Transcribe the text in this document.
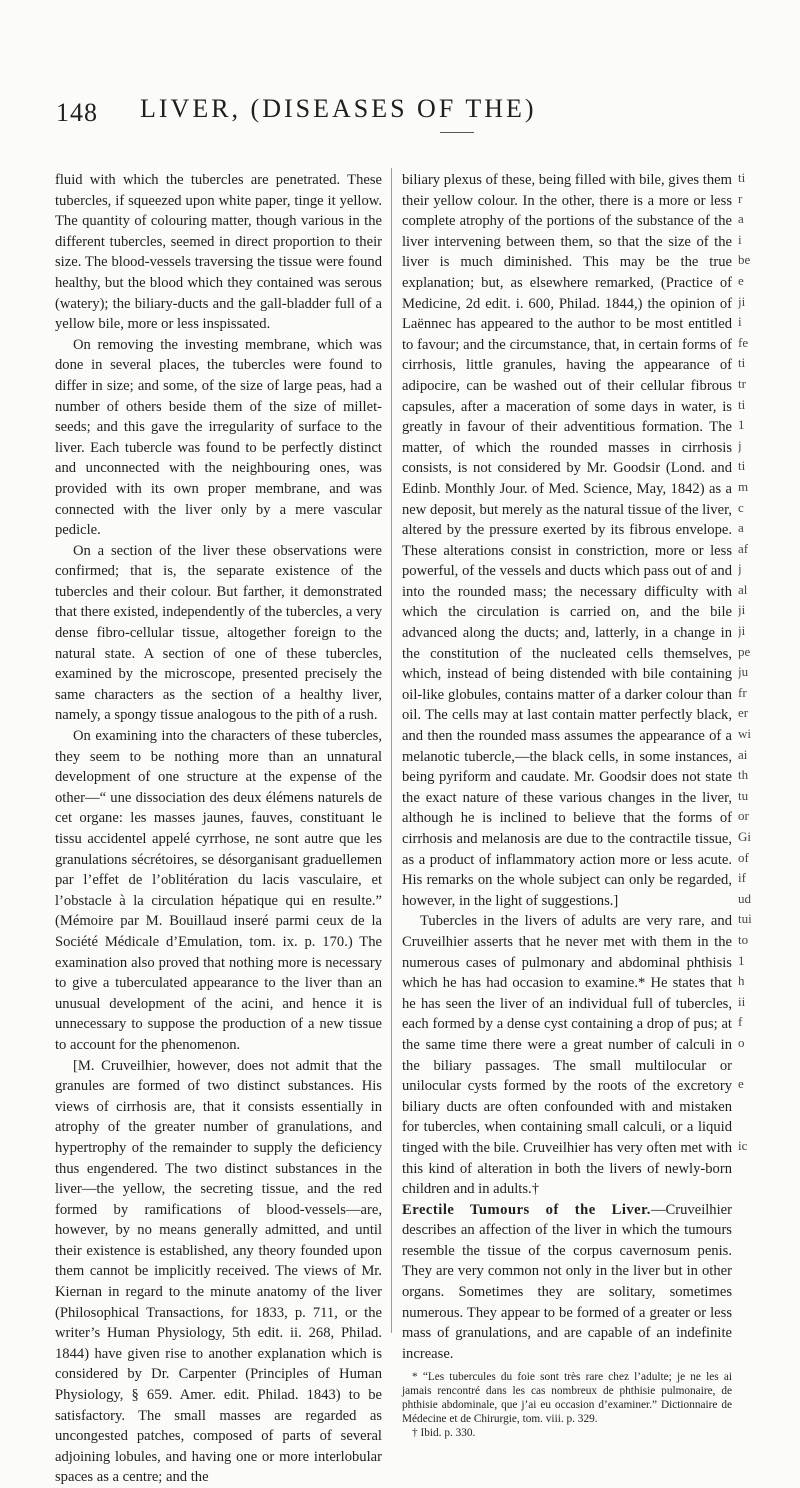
148 LIVER, (DISEASES OF THE)

fluid with which the tubercles are penetrated. These tubercles, if squeezed upon white paper, tinge it yellow. The quantity of colouring matter, though various in the different tubercles, seemed in direct proportion to their size. The blood-vessels traversing the tissue were found healthy, but the blood which they contained was serous (watery); the biliary-ducts and the gall-bladder full of a yellow bile, more or less inspissated.

On removing the investing membrane, which was done in several places, the tubercles were found to differ in size; and some, of the size of large peas, had a number of others beside them of the size of millet-seeds; and this gave the irregularity of surface to the liver. Each tubercle was found to be perfectly distinct and unconnected with the neighbouring ones, was provided with its own proper membrane, and was connected with the liver only by a mere vascular pedicle.

On a section of the liver these observations were confirmed; that is, the separate existence of the tubercles and their colour. But farther, it demonstrated that there existed, independently of the tubercles, a very dense fibro-cellular tissue, altogether foreign to the natural state. A section of one of these tubercles, examined by the microscope, presented precisely the same characters as the section of a healthy liver, namely, a spongy tissue analogous to the pith of a rush.

On examining into the characters of these tubercles, they seem to be nothing more than an unnatural development of one structure at the expense of the other—“ une dissociation des deux élémens naturels de cet organe: les masses jaunes, fauves, constituant le tissu accidentel appelé cyrrhose, ne sont autre que les granulations sécrétoires, se désorganisant graduellemen par l’effet de l’oblitération du lacis vasculaire, et l’obstacle à la circulation hépatique qui en resulte.” (Mémoire par M. Bouillaud inseré parmi ceux de la Société Médicale d’Emulation, tom. ix. p. 170.) The examination also proved that nothing more is necessary to give a tuberculated appearance to the liver than an unusual development of the acini, and hence it is unnecessary to suppose the production of a new tissue to account for the phenomenon.

[M. Cruveilhier, however, does not admit that the granules are formed of two distinct substances. His views of cirrhosis are, that it consists essentially in atrophy of the greater number of granulations, and hypertrophy of the remainder to supply the deficiency thus engendered. The two distinct substances in the liver—the yellow, the secreting tissue, and the red formed by ramifications of blood-vessels—are, however, by no means generally admitted, and until their existence is established, any theory founded upon them cannot be implicitly received. The views of Mr. Kiernan in regard to the minute anatomy of the liver (Philosophical Transactions, for 1833, p. 711, or the writer’s Human Physiology, 5th edit. ii. 268, Philad. 1844) have given rise to another explanation which is considered by Dr. Carpenter (Principles of Human Physiology, § 659. Amer. edit. Philad. 1843) to be satisfactory. The small masses are regarded as uncongested patches, composed of parts of several adjoining lobules, and having one or more interlobular spaces as a centre; and the

biliary plexus of these, being filled with bile, gives them their yellow colour. In the other, there is a more or less complete atrophy of the portions of the substance of the liver intervening between them, so that the size of the liver is much diminished. This may be the true explanation; but, as elsewhere remarked, (Practice of Medicine, 2d edit. i. 600, Philad. 1844,) the opinion of Laënnec has appeared to the author to be most entitled to favour; and the circumstance, that, in certain forms of cirrhosis, little granules, having the appearance of adipocire, can be washed out of their cellular fibrous capsules, after a maceration of some days in water, is greatly in favour of their adventitious formation. The matter, of which the rounded masses in cirrhosis consists, is not considered by Mr. Goodsir (Lond. and Edinb. Monthly Jour. of Med. Science, May, 1842) as a new deposit, but merely as the natural tissue of the liver, altered by the pressure exerted by its fibrous envelope. These alterations consist in constriction, more or less powerful, of the vessels and ducts which pass out of and into the rounded mass; the necessary difficulty with which the circulation is carried on, and the bile advanced along the ducts; and, latterly, in a change in the constitution of the nucleated cells themselves, which, instead of being distended with bile containing oil-like globules, contains matter of a darker colour than oil. The cells may at last contain matter perfectly black, and then the rounded mass assumes the appearance of a melanotic tubercle,—the black cells, in some instances, being pyriform and caudate. Mr. Goodsir does not state the exact nature of these various changes in the liver, although he is inclined to believe that the forms of cirrhosis and melanosis are due to the contractile tissue, as a product of inflammatory action more or less acute. His remarks on the whole subject can only be regarded, however, in the light of suggestions.]

Tubercles in the livers of adults are very rare, and Cruveilhier asserts that he never met with them in the numerous cases of pulmonary and abdominal phthisis which he has had occasion to examine.* He states that he has seen the liver of an individual full of tubercles, each formed by a dense cyst containing a drop of pus; at the same time there were a great number of calculi in the biliary passages. The small multilocular or unilocular cysts formed by the roots of the excretory biliary ducts are often confounded with and mistaken for tubercles, when containing small calculi, or a liquid tinged with the bile. Cruveilhier has very often met with this kind of alteration in both the livers of newly-born children and in adults.†

Erectile Tumours of the Liver.—Cruveilhier describes an affection of the liver in which the tumours resemble the tissue of the corpus cavernosum penis. They are very common not only in the liver but in other organs. Sometimes they are solitary, sometimes numerous. They appear to be formed of a greater or less mass of granulations, and are capable of an indefinite increase.

* “Les tubercules du foie sont très rare chez l’adulte; je ne les ai jamais rencontré dans les cas nombreux de phthisie pulmonaire, de phthisie abdominale, que j’ai eu occasion d’examiner.” Dictionnaire de Médecine et de Chirurgie, tom. viii. p. 329.

† Ibid. p. 330.

ti
r
a
i
be
e
ji
i
fe
ti
tr
ti
1
j
ti
m
c
a
af
j
al
ji
ji
pe
ju
fr
er
wi
ai
th
tu
or
Gi
of
if
ud
tui
to
1
h
ii
f
o
e
ic
